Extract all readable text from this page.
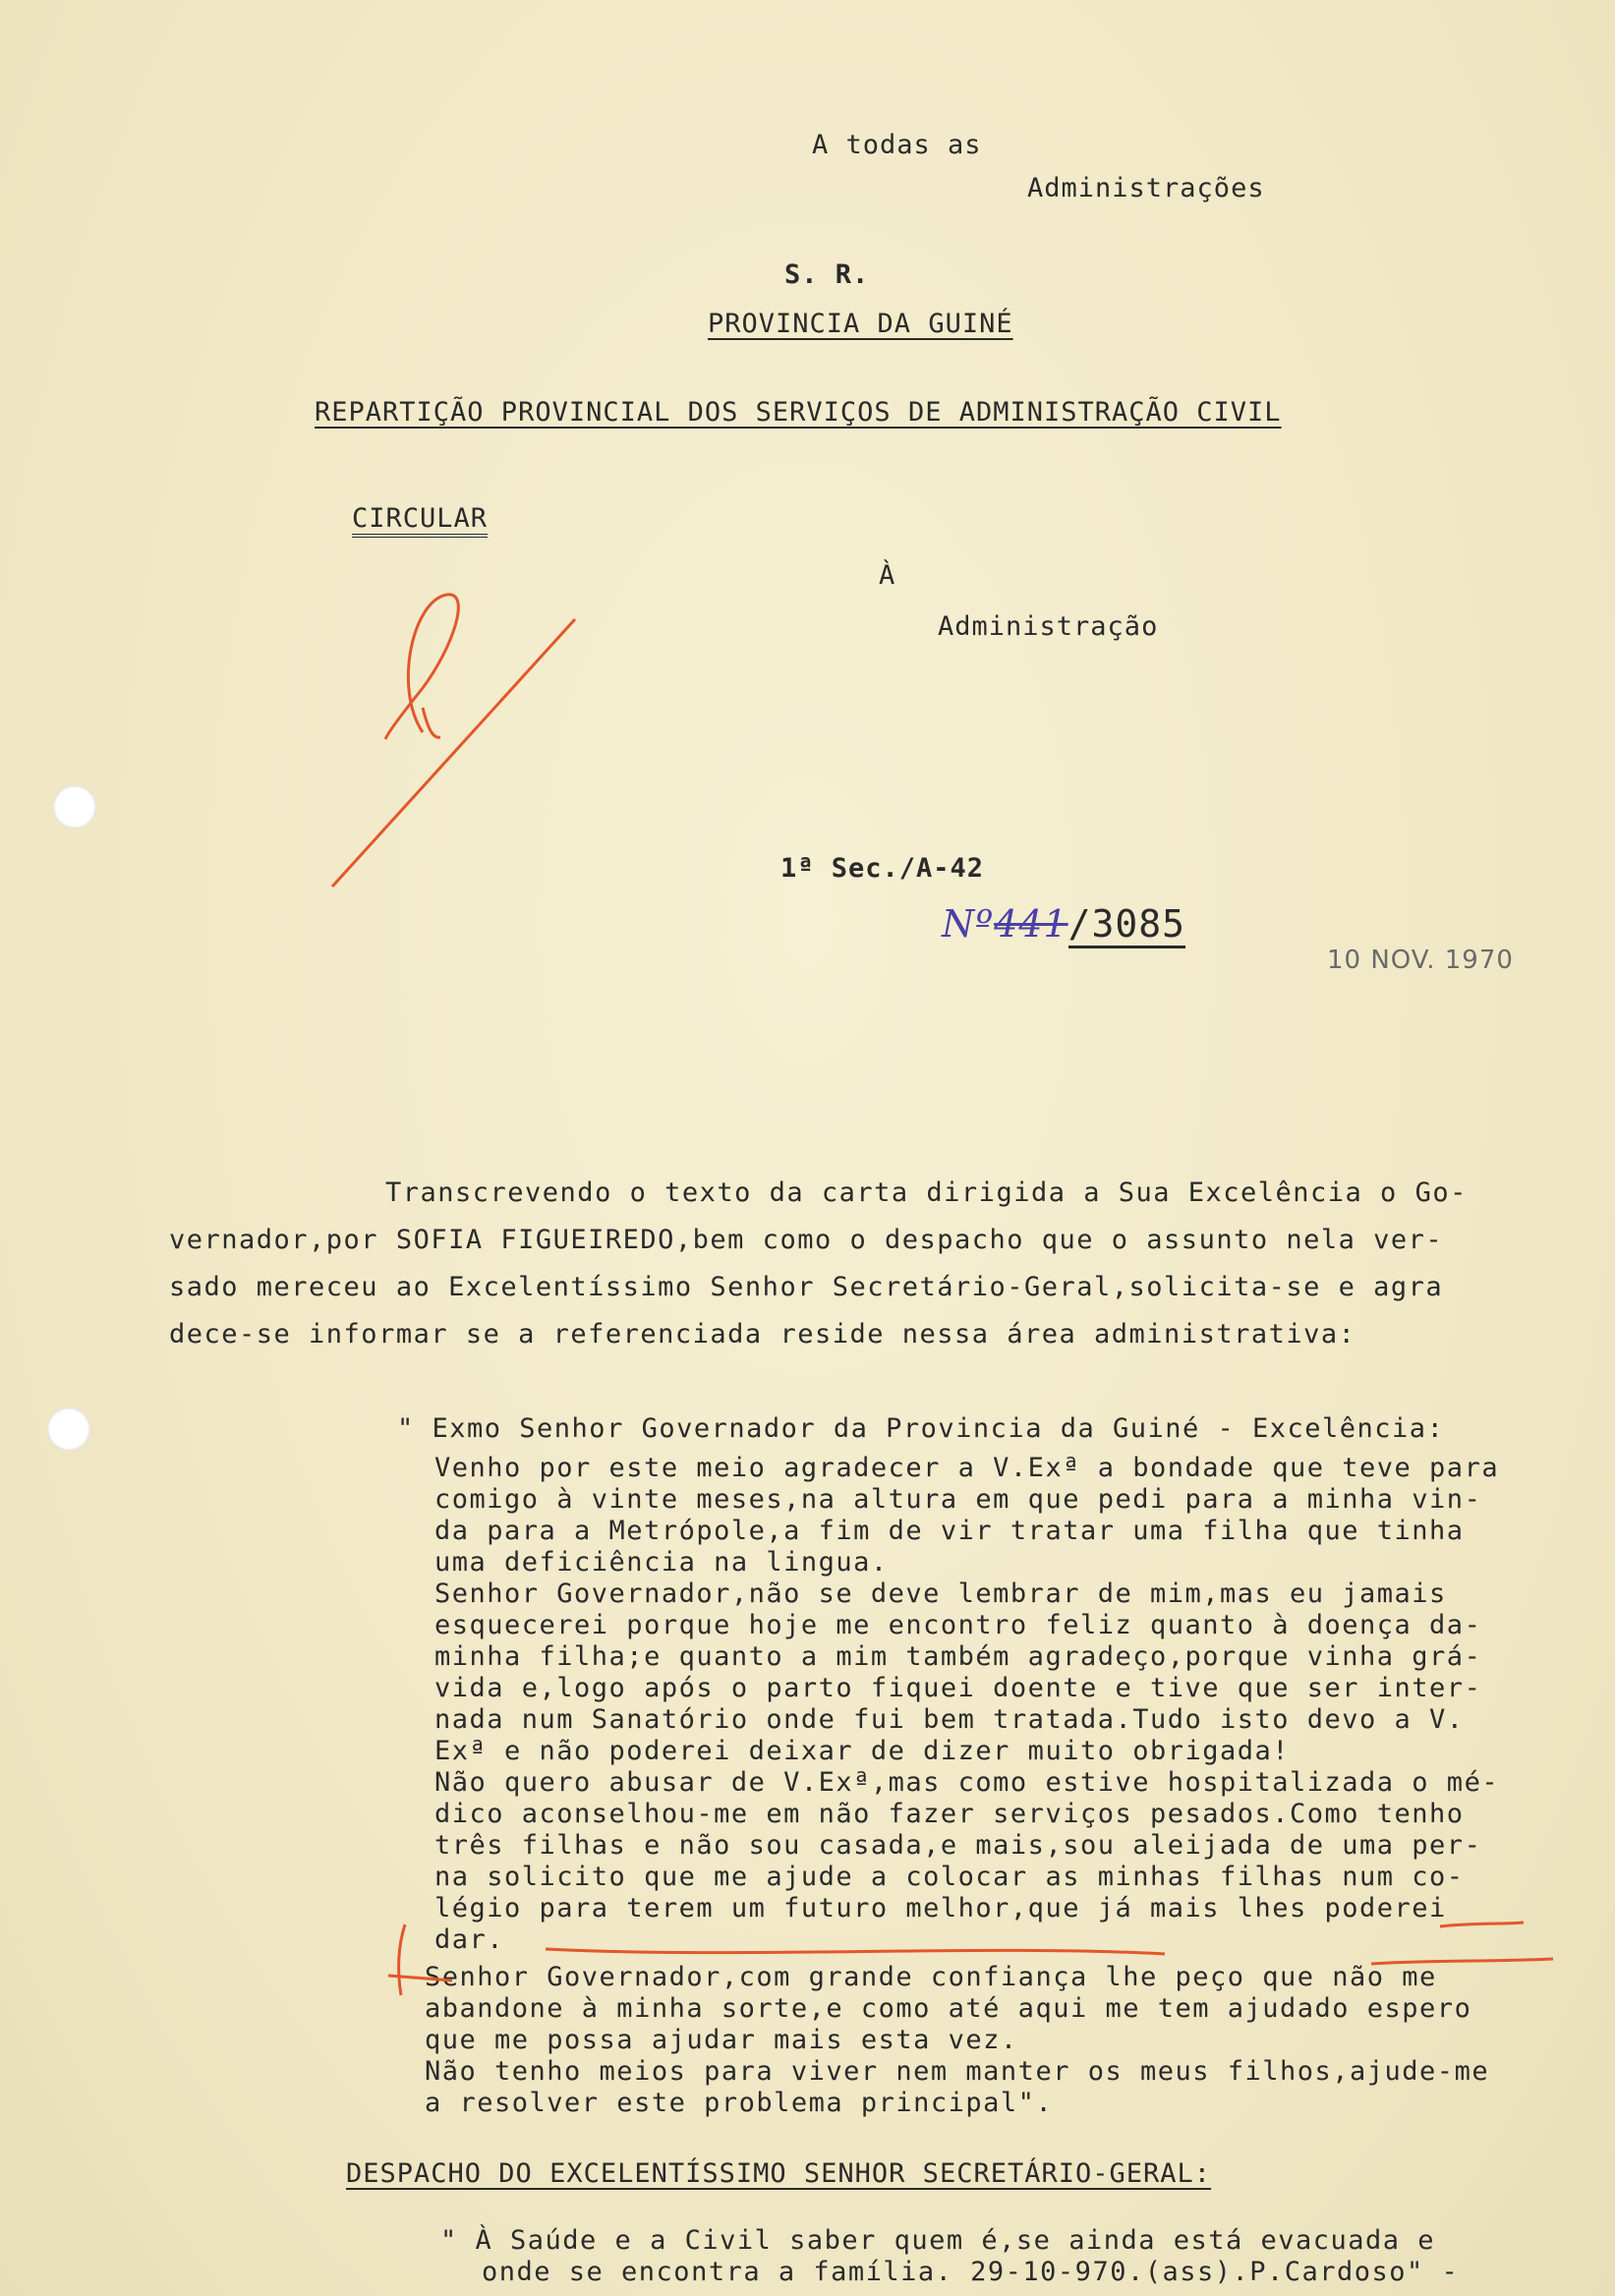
A todas as
Administrações
S. R.
PROVINCIA DA GUINÉ
REPARTIÇÃO PROVINCIAL DOS SERVIÇOS DE ADMINISTRAÇÃO CIVIL
CIRCULAR
À
Administração
1ª Sec./A-42
Nº441/3085
10 NOV. 1970
Transcrevendo o texto da carta dirigida a Sua Excelência o Go-
vernador,por SOFIA FIGUEIREDO,bem como o despacho que o assunto nela ver-
sado mereceu ao Excelentíssimo Senhor Secretário-Geral,solicita-se e agra
dece-se informar se a referenciada reside nessa área administrativa:
" Exmo Senhor Governador da Provincia da Guiné - Excelência:
Venho por este meio agradecer a V.Exª a bondade que teve para
comigo à vinte meses,na altura em que pedi para a minha vin-
da para a Metrópole,a fim de vir tratar uma filha que tinha
uma deficiência na lingua.
Senhor Governador,não se deve lembrar de mim,mas eu jamais
esquecerei porque hoje me encontro feliz quanto à doença da-
minha filha;e quanto a mim também agradeço,porque vinha grá-
vida e,logo após o parto fiquei doente e tive que ser inter-
nada num Sanatório onde fui bem tratada.Tudo isto devo a V.
Exª e não poderei deixar de dizer muito obrigada!
Não quero abusar de V.Exª,mas como estive hospitalizada o mé-
dico aconselhou-me em não fazer serviços pesados.Como tenho
três filhas e não sou casada,e mais,sou aleijada de uma per-
na solicito que me ajude a colocar as minhas filhas num co-
légio para terem um futuro melhor,que já mais lhes poderei
dar.
Senhor Governador,com grande confiança lhe peço que não me
abandone à minha sorte,e como até aqui me tem ajudado espero
que me possa ajudar mais esta vez.
Não tenho meios para viver nem manter os meus filhos,ajude-me
a resolver este problema principal".
DESPACHO DO EXCELENTÍSSIMO SENHOR SECRETÁRIO-GERAL:
" À Saúde e a Civil saber quem é,se ainda está evacuada e
onde se encontra a família. 29-10-970.(ass).P.Cardoso" -
